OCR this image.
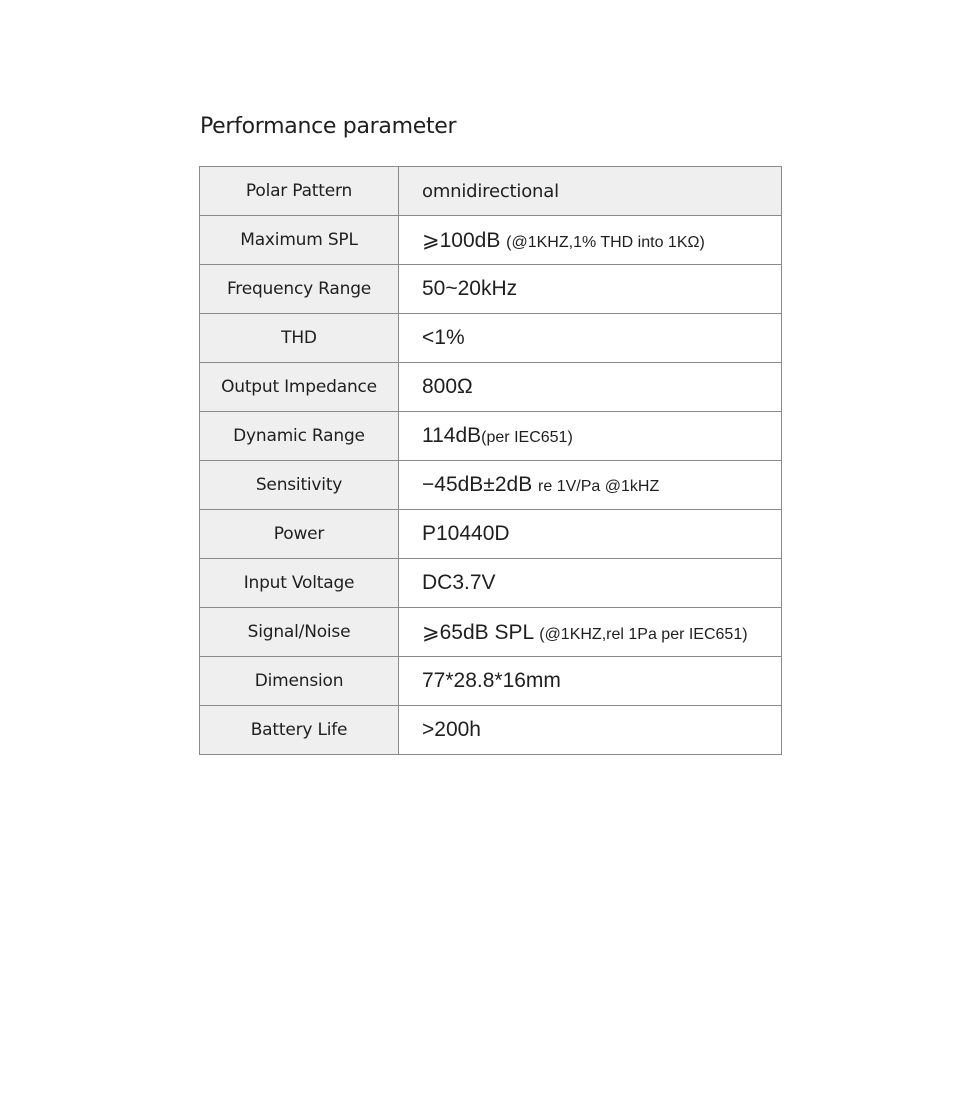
Performance parameter
Polar Pattern	omnidirectional
Maximum SPL	⩾100dB (@1KHZ,1% THD into 1KΩ)
Frequency Range	50~20kHz
THD	<1%
Output Impedance	800Ω
Dynamic Range	114dB(per IEC651)
Sensitivity	−45dB±2dB re 1V/Pa @1kHZ
Power	P10440D
Input Voltage	DC3.7V
Signal/Noise	⩾65dB SPL (@1KHZ,rel 1Pa per IEC651)
Dimension	77*28.8*16mm
Battery Life	>200h
